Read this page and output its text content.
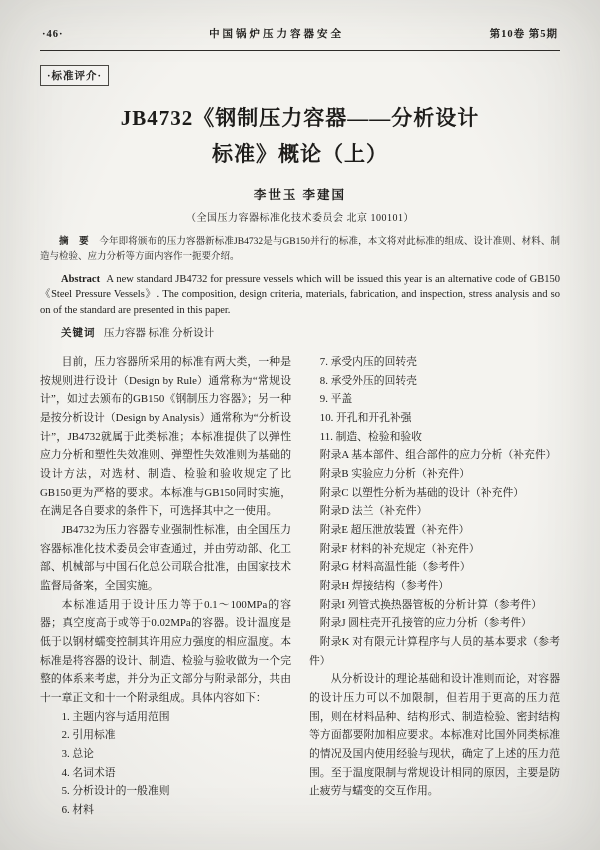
·46·	中国锅炉压力容器安全	第10卷 第5期
·标准评介·
JB4732《钢制压力容器——分析设计
标准》概论（上）
李世玉 李建国
（全国压力容器标准化技术委员会 北京 100101）

摘 要 今年即将颁布的压力容器新标准JB4732是与GB150并行的标准，本文将对此标准的组成、设计准则、材料、制造与检验、应力分析等方面内容作一扼要介绍。

Abstract A new standard JB4732 for pressure vessels which will be issued this year is an alternative code of GB150 《Steel Pressure Vessels》. The composition, design criteria, materials, fabrication, and inspection, stress analysis and so on of the standard are presented in this paper.

关键词 压力容器 标准 分析设计

目前，压力容器所采用的标准有两大类，一种是按规则进行设计（Design by Rule）通常称为“常规设计”，如过去颁布的GB150《钢制压力容器》；另一种是按分析设计（Design by Analysis）通常称为“分析设计”，JB4732就属于此类标准；本标准提供了以弹性应力分析和塑性失效准则、弹塑性失效准则为基础的设计方法，对选材、制造、检验和验收规定了比GB150更为严格的要求。本标准与GB150同时实施，在满足各自要求的条件下，可选择其中之一使用。

JB4732为压力容器专业强制性标准，由全国压力容器标准化技术委员会审查通过，并由劳动部、化工部、机械部与中国石化总公司联合批准，由国家技术监督局备案，全国实施。

本标准适用于设计压力等于0.1～100MPa的容器；真空度高于或等于0.02MPa的容器。设计温度是低于以钢材蠕变控制其许用应力强度的相应温度。本标准是将容器的设计、制造、检验与验收做为一个完整的体系来考虑，并分为正文部分与附录部分，共由十一章正文和十一个附录组成。具体内容如下：

1. 主题内容与适用范围
2. 引用标准
3. 总论
4. 名词术语
5. 分析设计的一般准则
6. 材料
7. 承受内压的回转壳
8. 承受外压的回转壳
9. 平盖
10. 开孔和开孔补强
11. 制造、检验和验收
附录A 基本部件、组合部件的应力分析（补充件）
附录B 实验应力分析（补充件）
附录C 以塑性分析为基础的设计（补充件）
附录D 法兰（补充件）
附录E 超压泄放装置（补充件）
附录F 材料的补充规定（补充件）
附录G 材料高温性能（参考件）
附录H 焊接结构（参考件）
附录I 列管式换热器管板的分析计算（参考件）
附录J 圆柱壳开孔接管的应力分析（参考件）
附录K 对有限元计算程序与人员的基本要求（参考件）

从分析设计的理论基础和设计准则而论，对容器的设计压力可以不加限制，但若用于更高的压力范围，则在材料品种、结构形式、制造检验、密封结构等方面都要附加相应要求。本标准对比国外同类标准的情况及国内使用经验与现状，确定了上述的压力范围。至于温度限制与常规设计相同的原因，主要是防止疲劳与蠕变的交互作用。
